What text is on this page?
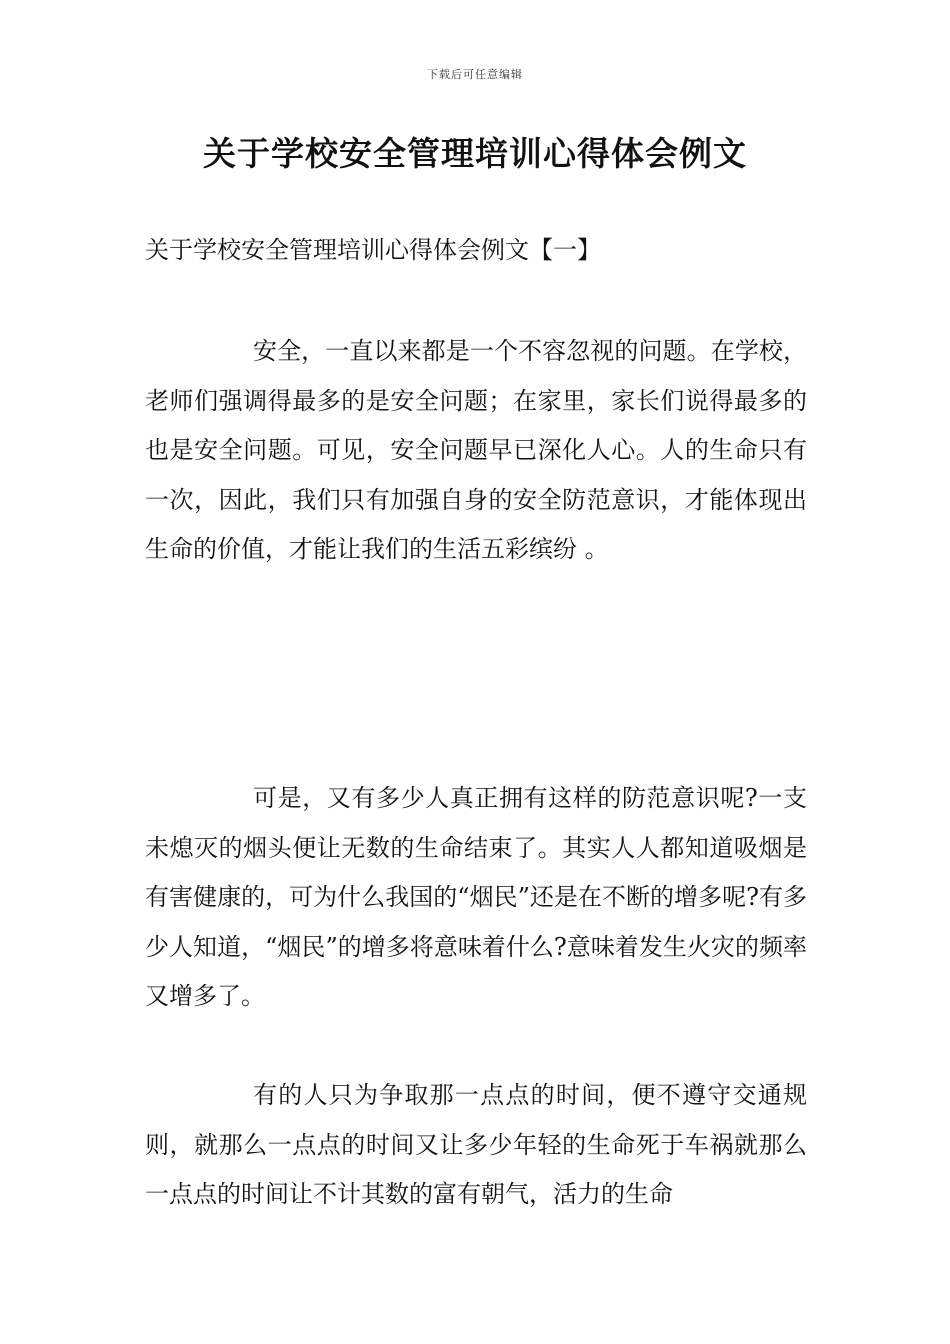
下载后可任意编辑
关于学校安全管理培训心得体会例文
关于学校安全管理培训心得体会例文【一】

安全，一直以来都是一个不容忽视的问题。在学校，老师们强调得最多的是安全问题；在家里，家长们说得最多的也是安全问题。可见，安全问题早已深化人心。人的生命只有一次，因此，我们只有加强自身的安全防范意识，才能体现出生命的价值，才能让我们的生活五彩缤纷 。

可是，又有多少人真正拥有这样的防范意识呢?一支未熄灭的烟头便让无数的生命结束了。其实人人都知道吸烟是有害健康的，可为什么我国的“烟民”还是在不断的增多呢?有多少人知道，“烟民”的增多将意味着什么?意味着发生火灾的频率又增多了。

有的人只为争取那一点点的时间，便不遵守交通规则，就那么一点点的时间又让多少年轻的生命死于车祸就那么一点点的时间让不计其数的富有朝气，活力的生命
